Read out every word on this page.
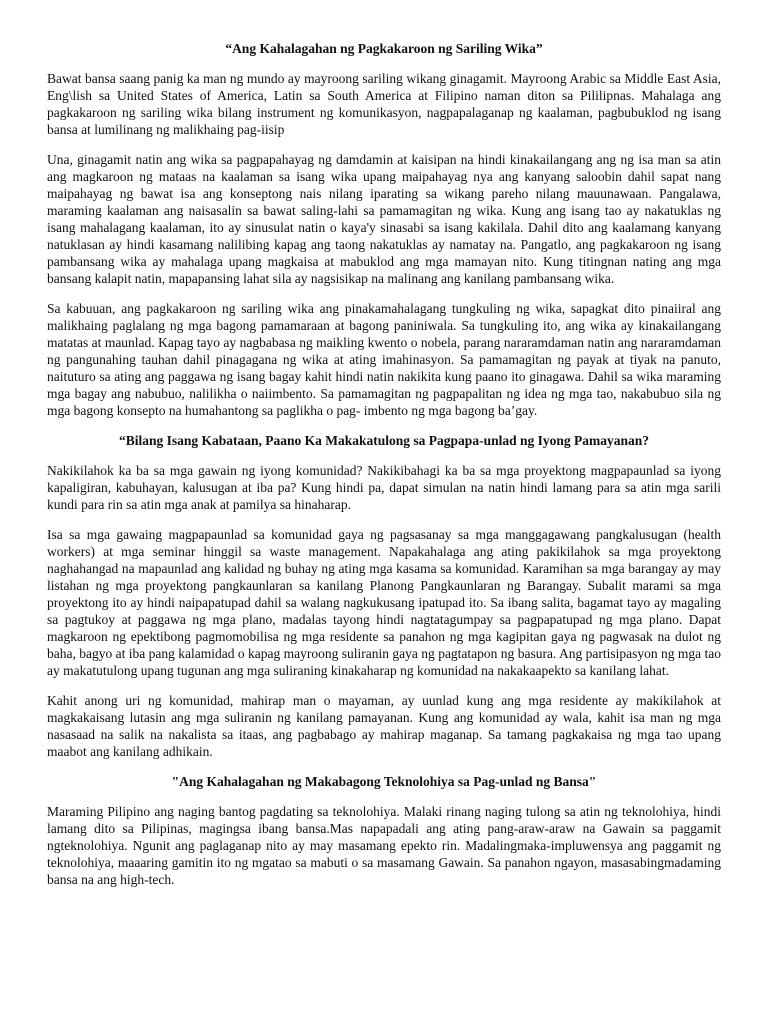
“Ang Kahalagahan ng Pagkakaroon ng Sariling Wika”

Bawat bansa saang panig ka man ng mundo ay mayroong sariling wikang ginagamit. Mayroong Arabic sa Middle East Asia, Eng\lish sa United States of America, Latin sa South America at Filipino naman diton sa Pililipnas. Mahalaga ang pagkakaroon ng sariling wika bilang instrument ng komunikasyon, nagpapalaganap ng kaalaman, pagbubuklod ng isang bansa at lumilinang ng malikhaing pag-iisip

Una, ginagamit natin ang wika sa pagpapahayag ng damdamin at kaisipan na hindi kinakailangang ang ng isa man sa atin ang magkaroon ng mataas na kaalaman sa isang wika upang maipahayag nya ang kanyang saloobin dahil sapat nang maipahayag ng bawat isa ang konseptong nais nilang iparating sa wikang pareho nilang mauunawaan. Pangalawa, maraming kaalaman ang naisasalin sa bawat saling-lahi sa pamamagitan ng wika. Kung ang isang tao ay nakatuklas ng isang mahalagang kaalaman, ito ay sinusulat natin o kaya'y sinasabi sa isang kakilala. Dahil dito ang kaalamang kanyang natuklasan ay hindi kasamang nalilibing kapag ang taong nakatuklas ay namatay na. Pangatlo, ang pagkakaroon ng isang pambansang wika ay mahalaga upang magkaisa at mabuklod ang mga mamayan nito. Kung titingnan nating ang mga bansang kalapit natin, mapapansing lahat sila ay nagsisikap na malinang ang kanilang pambansang wika.

Sa kabuuan, ang pagkakaroon ng sariling wika ang pinakamahalagang tungkuling ng wika, sapagkat dito pinaiiral ang malikhaing paglalang ng mga bagong pamamaraan at bagong paniniwala. Sa tungkuling ito, ang wika ay kinakailangang matatas at maunlad. Kapag tayo ay nagbabasa ng maikling kwento o nobela, parang nararamdaman natin ang nararamdaman ng pangunahing tauhan dahil pinagagana ng wika at ating imahinasyon. Sa pamamagitan ng payak at tiyak na panuto, naituturo sa ating ang paggawa ng isang bagay kahit hindi natin nakikita kung paano ito ginagawa. Dahil sa wika maraming mga bagay ang nabubuo, nalilikha o naiimbento. Sa pamamagitan ng pagpapalitan ng idea ng mga tao, nakabubuo sila ng mga bagong konsepto na humahantong sa paglikha o pag- imbento ng mga bagong ba’gay.

“Bilang Isang Kabataan, Paano Ka Makakatulong sa Pagpapa-unlad ng Iyong Pamayanan?

Nakikilahok ka ba sa mga gawain ng iyong komunidad? Nakikibahagi ka ba sa mga proyektong magpapaunlad sa iyong kapaligiran, kabuhayan, kalusugan at iba pa? Kung hindi pa, dapat simulan na natin hindi lamang para sa atin mga sarili kundi para rin sa atin mga anak at pamilya sa hinaharap.

Isa sa mga gawaing magpapaunlad sa komunidad gaya ng pagsasanay sa mga manggagawang pangkalusugan (health workers) at mga seminar hinggil sa waste management. Napakahalaga ang ating pakikilahok sa mga proyektong naghahangad na mapaunlad ang kalidad ng buhay ng ating mga kasama sa komunidad. Karamihan sa mga barangay ay may listahan ng mga proyektong pangkaunlaran sa kanilang Planong Pangkaunlaran ng Barangay. Subalit marami sa mga proyektong ito ay hindi naipapatupad dahil sa walang nagkukusang ipatupad ito. Sa ibang salita, bagamat tayo ay magaling sa pagtukoy at paggawa ng mga plano, madalas tayong hindi nagtatagumpay sa pagpapatupad ng mga plano. Dapat magkaroon ng epektibong pagmomobilisa ng mga residente sa panahon ng mga kagipitan gaya ng pagwasak na dulot ng baha, bagyo at iba pang kalamidad o kapag mayroong suliranin gaya ng pagtatapon ng basura. Ang partisipasyon ng mga tao ay makatutulong upang tugunan ang mga suliraning kinakaharap ng komunidad na nakakaapekto sa kanilang lahat.

Kahit anong uri ng komunidad, mahirap man o mayaman, ay uunlad kung ang mga residente ay makikilahok at magkakaisang lutasin ang mga suliranin ng kanilang pamayanan. Kung ang komunidad ay wala, kahit isa man ng mga nasasaad na salik na nakalista sa itaas, ang pagbabago ay mahirap maganap. Sa tamang pagkakaisa ng mga tao upang maabot ang kanilang adhikain.

"Ang Kahalagahan ng Makabagong Teknolohiya sa Pag-unlad ng Bansa"

Maraming Pilipino ang naging bantog pagdating sa teknolohiya. Malaki rinang naging tulong sa atin ng teknolohiya, hindi lamang dito sa Pilipinas, magingsa ibang bansa.Mas napapadali ang ating pang-araw-araw na Gawain sa paggamit ngteknolohiya. Ngunit ang paglaganap nito ay may masamang epekto rin. Madalingmaka-impluwensya ang paggamit ng teknolohiya, maaaring gamitin ito ng mgatao sa mabuti o sa masamang Gawain. Sa panahon ngayon, masasabingmadaming bansa na ang high-tech.
